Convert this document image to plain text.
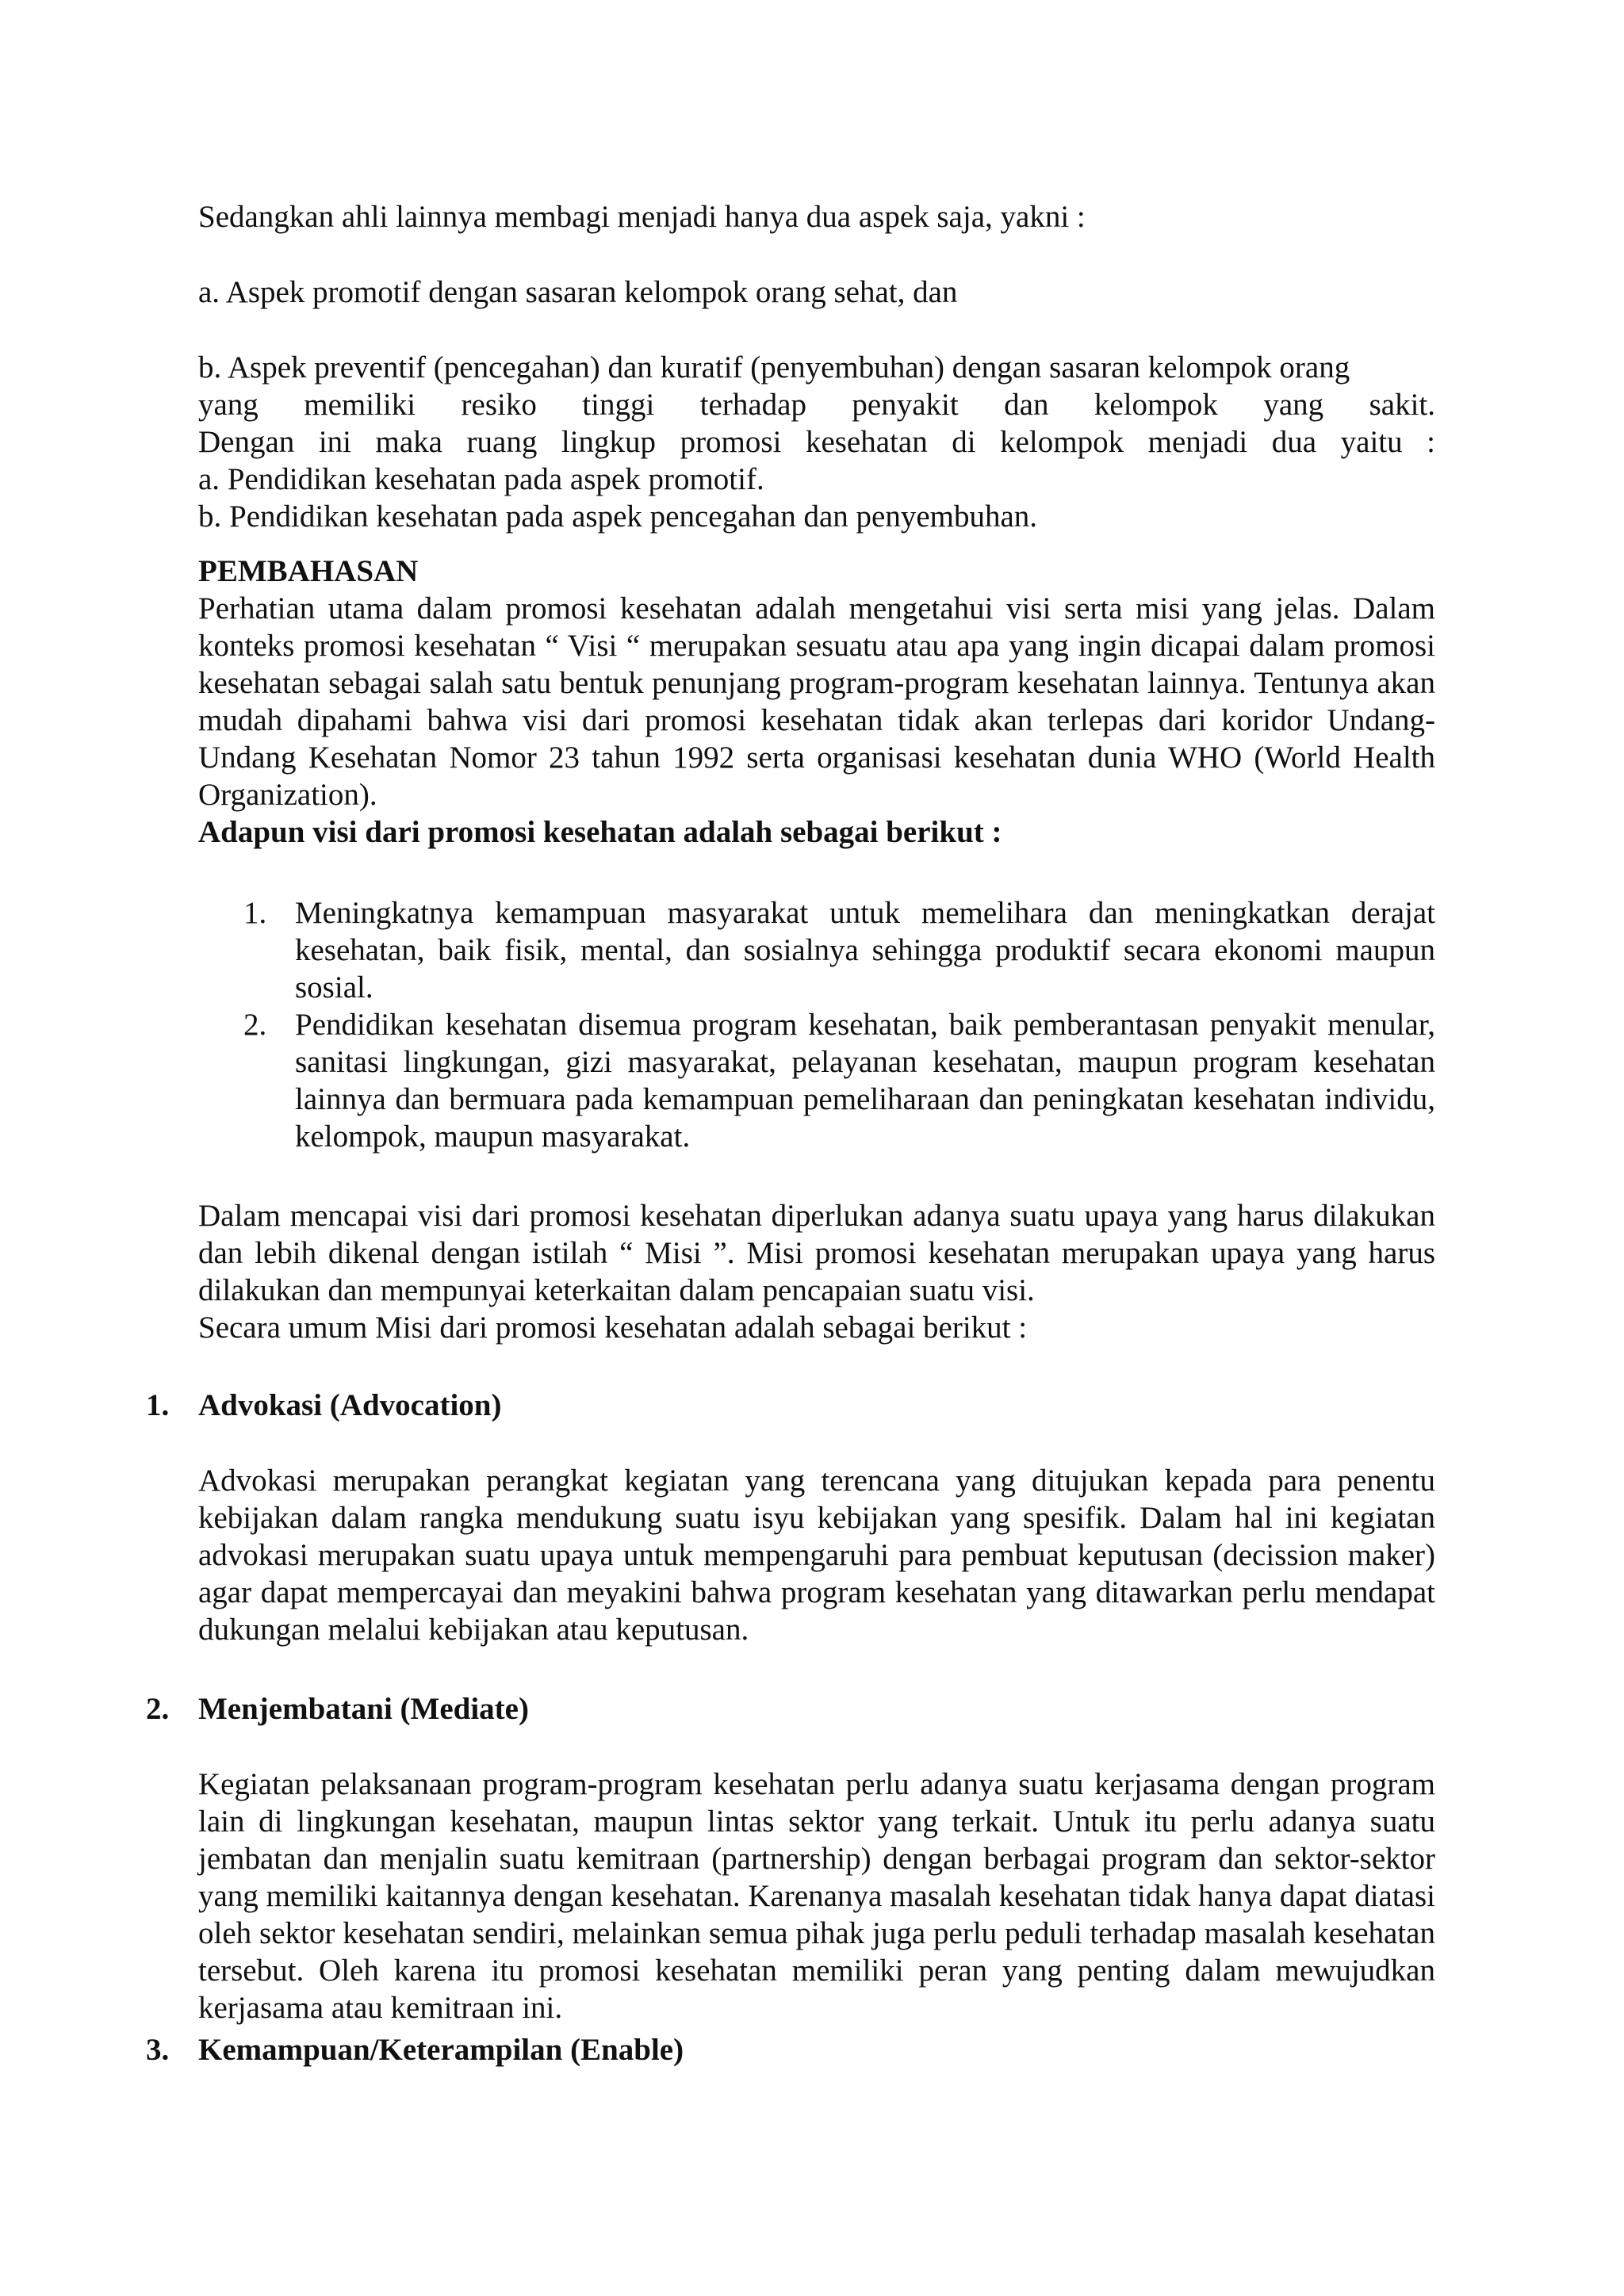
Sedangkan ahli lainnya membagi menjadi hanya dua aspek saja, yakni :

a. Aspek promotif dengan sasaran kelompok orang sehat, dan

b. Aspek preventif (pencegahan) dan kuratif (penyembuhan) dengan sasaran kelompok orang
yang memiliki resiko tinggi terhadap penyakit dan kelompok yang sakit.
Dengan ini maka ruang lingkup promosi kesehatan di kelompok menjadi dua yaitu :
a. Pendidikan kesehatan pada aspek promotif.
b. Pendidikan kesehatan pada aspek pencegahan dan penyembuhan.
PEMBAHASAN
Perhatian utama dalam promosi kesehatan adalah mengetahui visi serta misi yang jelas. Dalam konteks promosi kesehatan “ Visi “ merupakan sesuatu atau apa yang ingin dicapai dalam promosi kesehatan sebagai salah satu bentuk penunjang program-program kesehatan lainnya. Tentunya akan mudah dipahami bahwa visi dari promosi kesehatan tidak akan terlepas dari koridor Undang-Undang Kesehatan Nomor 23 tahun 1992 serta organisasi kesehatan dunia WHO (World Health Organization).
Adapun visi dari promosi kesehatan adalah sebagai berikut :
1. Meningkatnya kemampuan masyarakat untuk memelihara dan meningkatkan derajat kesehatan, baik fisik, mental, dan sosialnya sehingga produktif secara ekonomi maupun sosial.
2. Pendidikan kesehatan disemua program kesehatan, baik pemberantasan penyakit menular, sanitasi lingkungan, gizi masyarakat, pelayanan kesehatan, maupun program kesehatan lainnya dan bermuara pada kemampuan pemeliharaan dan peningkatan kesehatan individu, kelompok, maupun masyarakat.
Dalam mencapai visi dari promosi kesehatan diperlukan adanya suatu upaya yang harus dilakukan dan lebih dikenal dengan istilah “ Misi ”. Misi promosi kesehatan merupakan upaya yang harus dilakukan dan mempunyai keterkaitan dalam pencapaian suatu visi.
Secara umum Misi dari promosi kesehatan adalah sebagai berikut :
1. Advokasi (Advocation)
Advokasi merupakan perangkat kegiatan yang terencana yang ditujukan kepada para penentu kebijakan dalam rangka mendukung suatu isyu kebijakan yang spesifik. Dalam hal ini kegiatan advokasi merupakan suatu upaya untuk mempengaruhi para pembuat keputusan (decission maker) agar dapat mempercayai dan meyakini bahwa program kesehatan yang ditawarkan perlu mendapat dukungan melalui kebijakan atau keputusan.
2. Menjembatani (Mediate)
Kegiatan pelaksanaan program-program kesehatan perlu adanya suatu kerjasama dengan program lain di lingkungan kesehatan, maupun lintas sektor yang terkait. Untuk itu perlu adanya suatu jembatan dan menjalin suatu kemitraan (partnership) dengan berbagai program dan sektor-sektor yang memiliki kaitannya dengan kesehatan. Karenanya masalah kesehatan tidak hanya dapat diatasi oleh sektor kesehatan sendiri, melainkan semua pihak juga perlu peduli terhadap masalah kesehatan tersebut. Oleh karena itu promosi kesehatan memiliki peran yang penting dalam mewujudkan kerjasama atau kemitraan ini.
3. Kemampuan/Keterampilan (Enable)
